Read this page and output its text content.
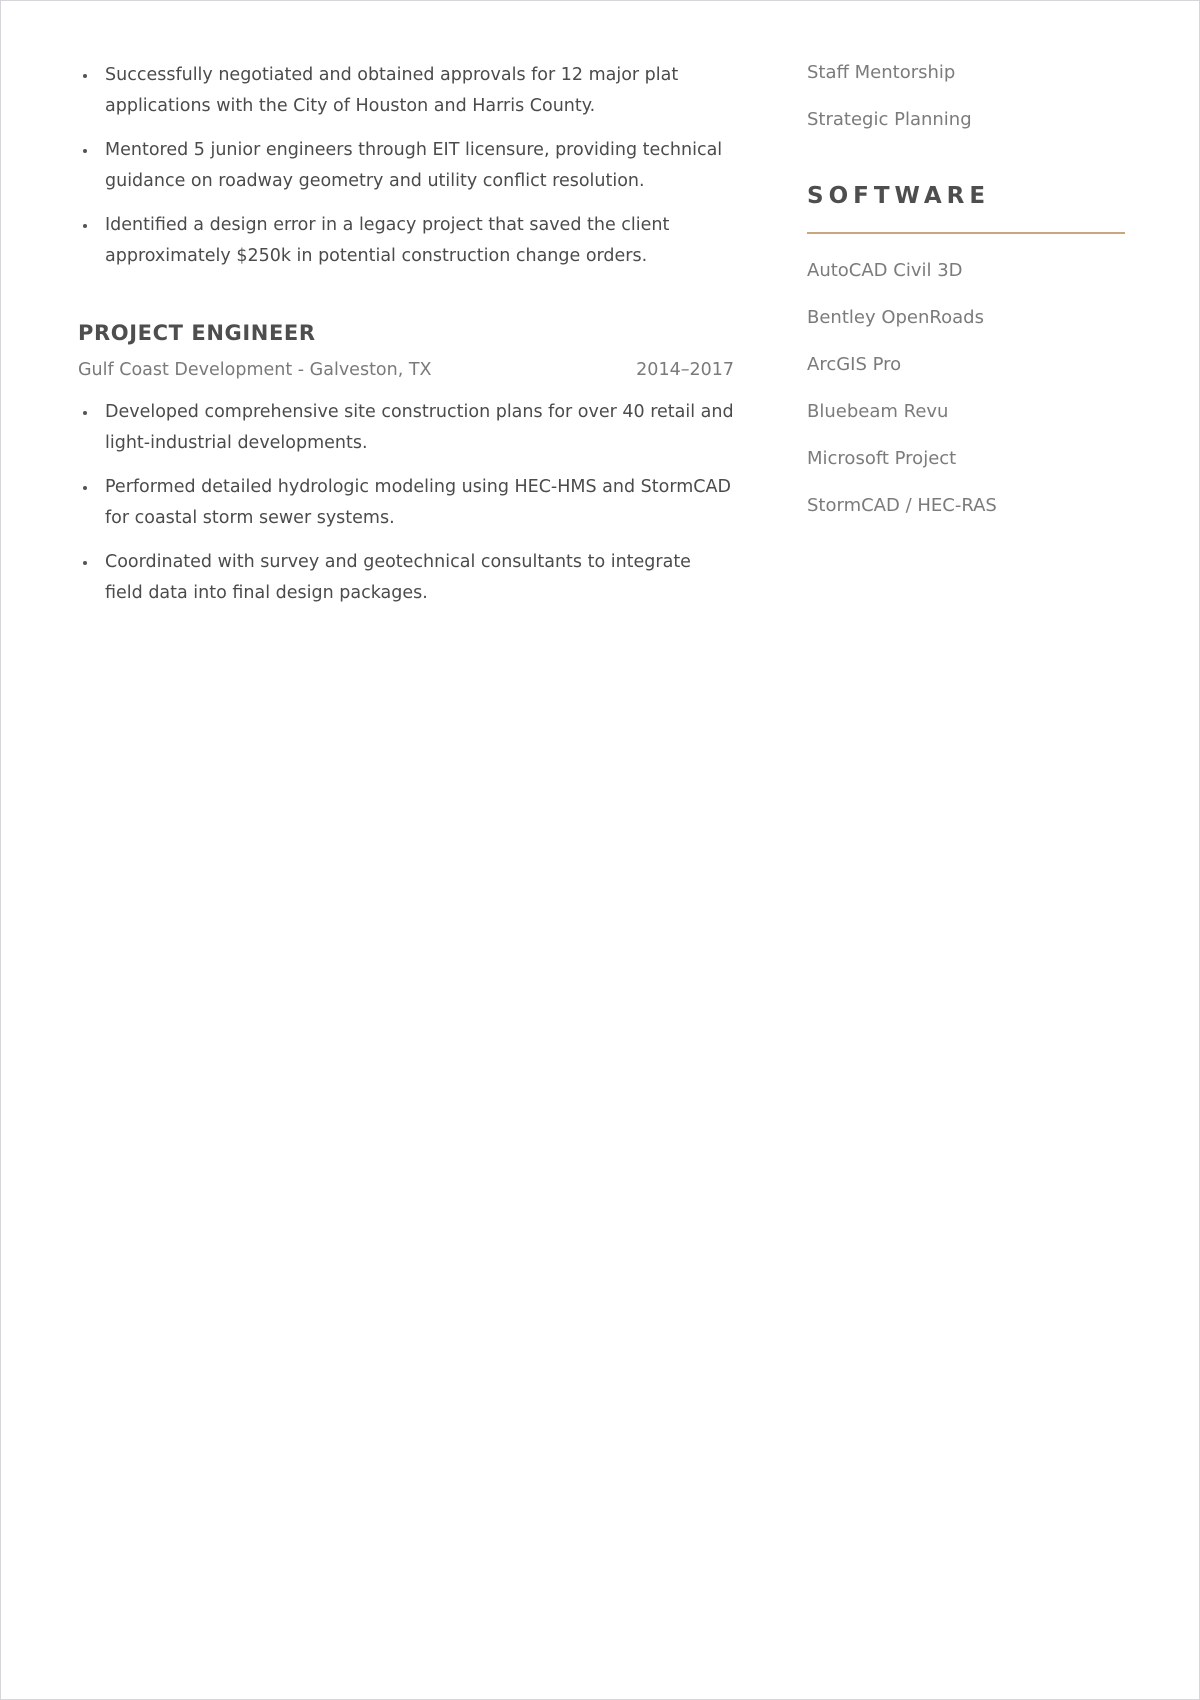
Successfully negotiated and obtained approvals for 12 major plat applications with the City of Houston and Harris County.
Mentored 5 junior engineers through EIT licensure, providing technical guidance on roadway geometry and utility conflict resolution.
Identified a design error in a legacy project that saved the client approximately $250k in potential construction change orders.
PROJECT ENGINEER
Gulf Coast Development - Galveston, TX	2014–2017
Developed comprehensive site construction plans for over 40 retail and light-industrial developments.
Performed detailed hydrologic modeling using HEC-HMS and StormCAD for coastal storm sewer systems.
Coordinated with survey and geotechnical consultants to integrate field data into final design packages.
Staff Mentorship
Strategic Planning
SOFTWARE
AutoCAD Civil 3D
Bentley OpenRoads
ArcGIS Pro
Bluebeam Revu
Microsoft Project
StormCAD / HEC-RAS
